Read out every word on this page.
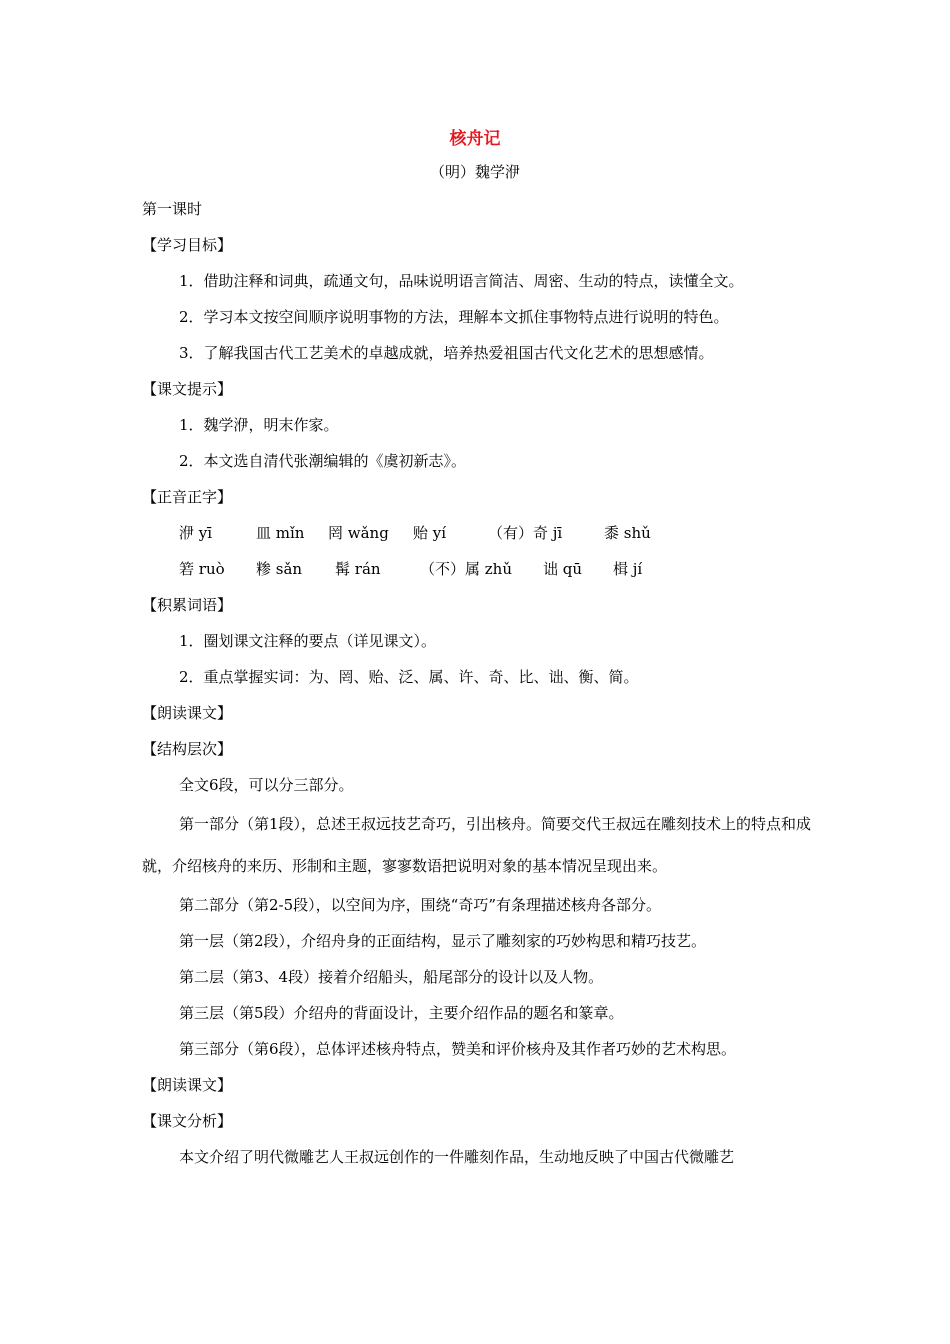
核舟记
（明）魏学洢
第一课时
【学习目标】
1．借助注释和词典，疏通文句，品味说明语言简洁、周密、生动的特点，读懂全文。
2．学习本文按空间顺序说明事物的方法，理解本文抓住事物特点进行说明的特色。
3．了解我国古代工艺美术的卓越成就，培养热爱祖国古代文化艺术的思想感情。
【课文提示】
1．魏学洢，明末作家。
2．本文选自清代张潮编辑的《虞初新志》。
【正音正字】
洢 yī	皿 mǐn 罔 wǎng 贻 yí	（有）奇 jī	黍 shǔ
箬 ruò 糁 sǎn 髯 rán	（不）属 zhǔ 诎 qū 楫 jí
【积累词语】
1．圈划课文注释的要点（详见课文）。
2．重点掌握实词：为、罔、贻、泛、属、许、奇、比、诎、衡、简。
【朗读课文】
【结构层次】
全文6段，可以分三部分。
第一部分（第1段），总述王叔远技艺奇巧，引出核舟。简要交代王叔远在雕刻技术上的特点和成就，介绍核舟的来历、形制和主题，寥寥数语把说明对象的基本情况呈现出来。
第二部分（第2-5段），以空间为序，围绕“奇巧”有条理描述核舟各部分。
第一层（第2段），介绍舟身的正面结构，显示了雕刻家的巧妙构思和精巧技艺。
第二层（第3、4段）接着介绍船头，船尾部分的设计以及人物。
第三层（第5段）介绍舟的背面设计，主要介绍作品的题名和篆章。
第三部分（第6段），总体评述核舟特点，赞美和评价核舟及其作者巧妙的艺术构思。
【朗读课文】
【课文分析】
本文介绍了明代微雕艺人王叔远创作的一件雕刻作品，生动地反映了中国古代微雕艺
